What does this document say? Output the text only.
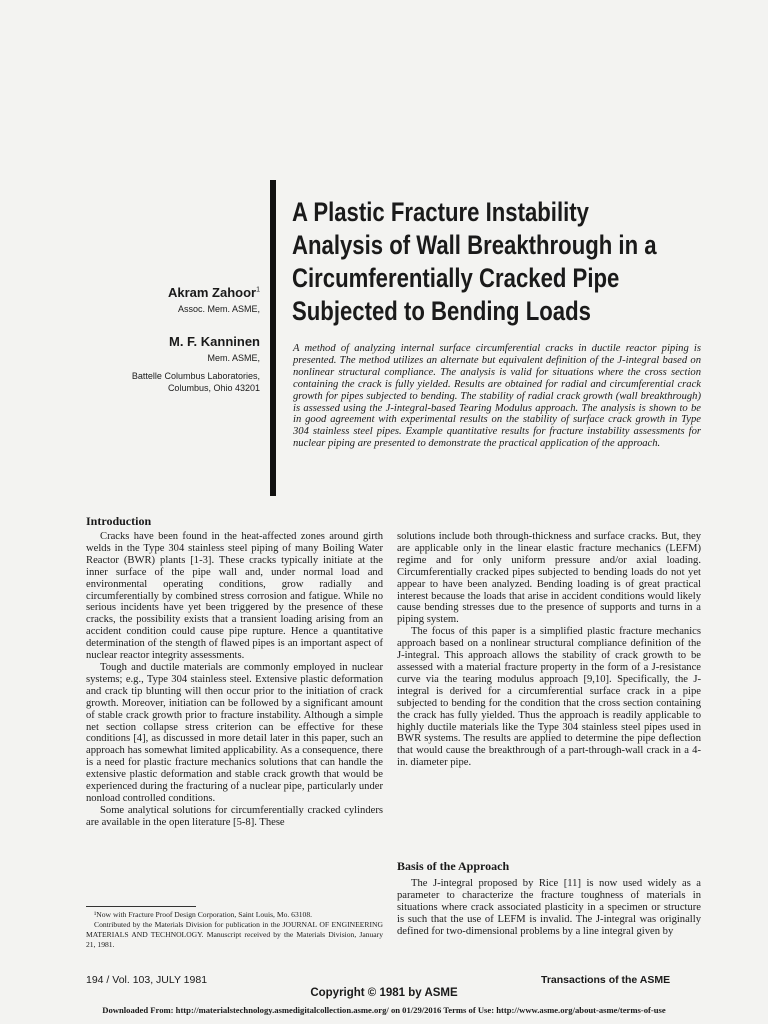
A Plastic Fracture Instability
Analysis of Wall Breakthrough in a
Circumferentially Cracked Pipe
Subjected to Bending Loads
Akram Zahoor$^1$
Assoc. Mem. ASME,
M. F. Kanninen
Mem. ASME,
Battelle Columbus Laboratories,
Columbus, Ohio 43201
A method of analyzing internal surface circumferential cracks in ductile reactor piping is presented. The method utilizes an alternate but equivalent definition of the J-integral based on nonlinear structural compliance. The analysis is valid for situations where the cross section containing the crack is fully yielded. Results are obtained for radial and circumferential crack growth for pipes subjected to bending. The stability of radial crack growth (wall breakthrough) is assessed using the J-integral-based Tearing Modulus approach. The analysis is shown to be in good agreement with experimental results on the stability of surface crack growth in Type 304 stainless steel pipes. Example quantitative results for fracture instability assessments for nuclear piping are presented to demonstrate the practical application of the approach.
Introduction

Cracks have been found in the heat-affected zones around girth welds in the Type 304 stainless steel piping of many Boiling Water Reactor (BWR) plants [1-3]. These cracks typically initiate at the inner surface of the pipe wall and, under normal load and environmental operating conditions, grow radially and circumferentially by combined stress corrosion and fatigue. While no serious incidents have yet been triggered by the presence of these cracks, the possibility exists that a transient loading arising from an accident condition could cause pipe rupture. Hence a quantitative determination of the stength of flawed pipes is an important aspect of nuclear reactor integrity assessments.

Tough and ductile materials are commonly employed in nuclear systems; e.g., Type 304 stainless steel. Extensive plastic deformation and crack tip blunting will then occur prior to the initiation of crack growth. Moreover, initiation can be followed by a significant amount of stable crack growth prior to fracture instability. Although a simple net section collapse stress criterion can be effective for these conditions [4], as discussed in more detail later in this paper, such an approach has somewhat limited applicability. As a consequence, there is a need for plastic fracture mechanics solutions that can handle the extensive plastic deformation and stable crack growth that would be experienced during the fracturing of a nuclear pipe, particularly under nonload controlled conditions.

Some analytical solutions for circumferentially cracked cylinders are available in the open literature [5-8]. These

¹Now with Fracture Proof Design Corporation, Saint Louis, Mo. 63108.
Contributed by the Materials Division for publication in the JOURNAL OF ENGINEERING MATERIALS AND TECHNOLOGY. Manuscript received by the Materials Division, January 21, 1981.

solutions include both through-thickness and surface cracks. But, they are applicable only in the linear elastic fracture mechanics (LEFM) regime and for only uniform pressure and/or axial loading. Circumferentially cracked pipes subjected to bending loads do not yet appear to have been analyzed. Bending loading is of great practical interest because the loads that arise in accident conditions would likely cause bending stresses due to the presence of supports and turns in a piping system.

The focus of this paper is a simplified plastic fracture mechanics approach based on a nonlinear structural compliance definition of the J-integral. This approach allows the stability of crack growth to be assessed with a material fracture property in the form of a J-resistance curve via the tearing modulus approach [9,10]. Specifically, the J-integral is derived for a circumferential surface crack in a pipe subjected to bending for the condition that the cross section containing the crack has fully yielded. Thus the approach is readily applicable to highly ductile materials like the Type 304 stainless steel pipes used in BWR systems. The results are applied to determine the pipe deflection that would cause the breakthrough of a part-through-wall crack in a 4-in. diameter pipe.

Basis of the Approach

The J-integral proposed by Rice [11] is now used widely as a parameter to characterize the fracture toughness of materials in situations where crack associated plasticity in a specimen or structure is such that the use of LEFM is invalid. The J-integral was originally defined for two-dimensional problems by a line integral given by

194 / Vol. 103, JULY 1981	Transactions of the ASME
Copyright © 1981 by ASME
Downloaded From: http://materialstechnology.asmedigitalcollection.asme.org/ on 01/29/2016 Terms of Use: http://www.asme.org/about-asme/terms-of-use
